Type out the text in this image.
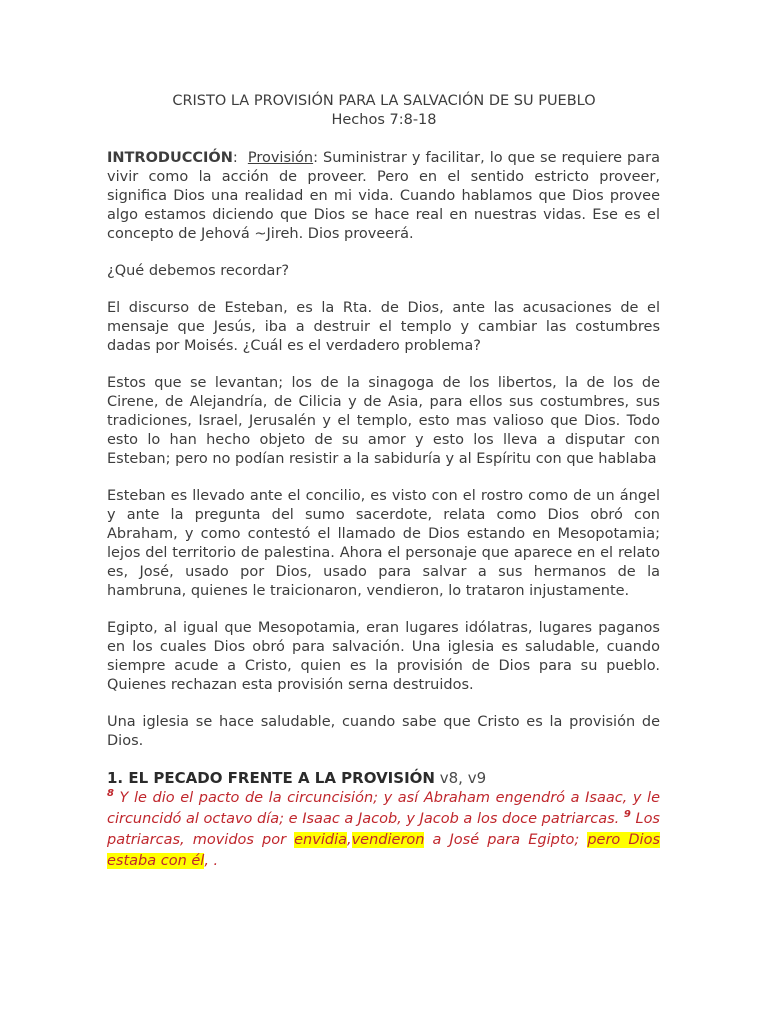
CRISTO LA PROVISIÓN PARA LA SALVACIÓN DE SU PUEBLO
Hechos 7:8-18

INTRODUCCIÓN: Provisión: Suministrar y facilitar, lo que se requiere para vivir como la acción de proveer. Pero en el sentido estricto proveer, significa Dios una realidad en mi vida. Cuando hablamos que Dios provee algo estamos diciendo que Dios se hace real en nuestras vidas. Ese es el concepto de Jehová ~Jireh. Dios proveerá.

¿Qué debemos recordar?

El discurso de Esteban, es la Rta. de Dios, ante las acusaciones de el mensaje que Jesús, iba a destruir el templo y cambiar las costumbres dadas por Moisés. ¿Cuál es el verdadero problema?

Estos que se levantan; los de la sinagoga de los libertos, la de los de Cirene, de Alejandría, de Cilicia y de Asia, para ellos sus costumbres, sus tradiciones, Israel, Jerusalén y el templo, esto mas valioso que Dios. Todo esto lo han hecho objeto de su amor y esto los lleva a disputar con Esteban; pero no podían resistir a la sabiduría y al Espíritu con que hablaba

Esteban es llevado ante el concilio, es visto con el rostro como de un ángel y ante la pregunta del sumo sacerdote, relata como Dios obró con Abraham, y como contestó el llamado de Dios estando en Mesopotamia; lejos del territorio de palestina. Ahora el personaje que aparece en el relato es, José, usado por Dios, usado para salvar a sus hermanos de la hambruna, quienes le traicionaron, vendieron, lo trataron injustamente.

Egipto, al igual que Mesopotamia, eran lugares idólatras, lugares paganos en los cuales Dios obró para salvación. Una iglesia es saludable, cuando siempre acude a Cristo, quien es la provisión de Dios para su pueblo. Quienes rechazan esta provisión serna destruidos.

Una iglesia se hace saludable, cuando sabe que Cristo es la provisión de Dios.

1. EL PECADO FRENTE A LA PROVISIÓN v8, v9

$^8$ Y le dio el pacto de la circuncisión; y así Abraham engendró a Isaac, y le circuncidó al octavo día; e Isaac a Jacob, y Jacob a los doce patriarcas. $^9$ Los patriarcas, movidos por envidia,vendieron a José para Egipto; pero Dios estaba con él, .
